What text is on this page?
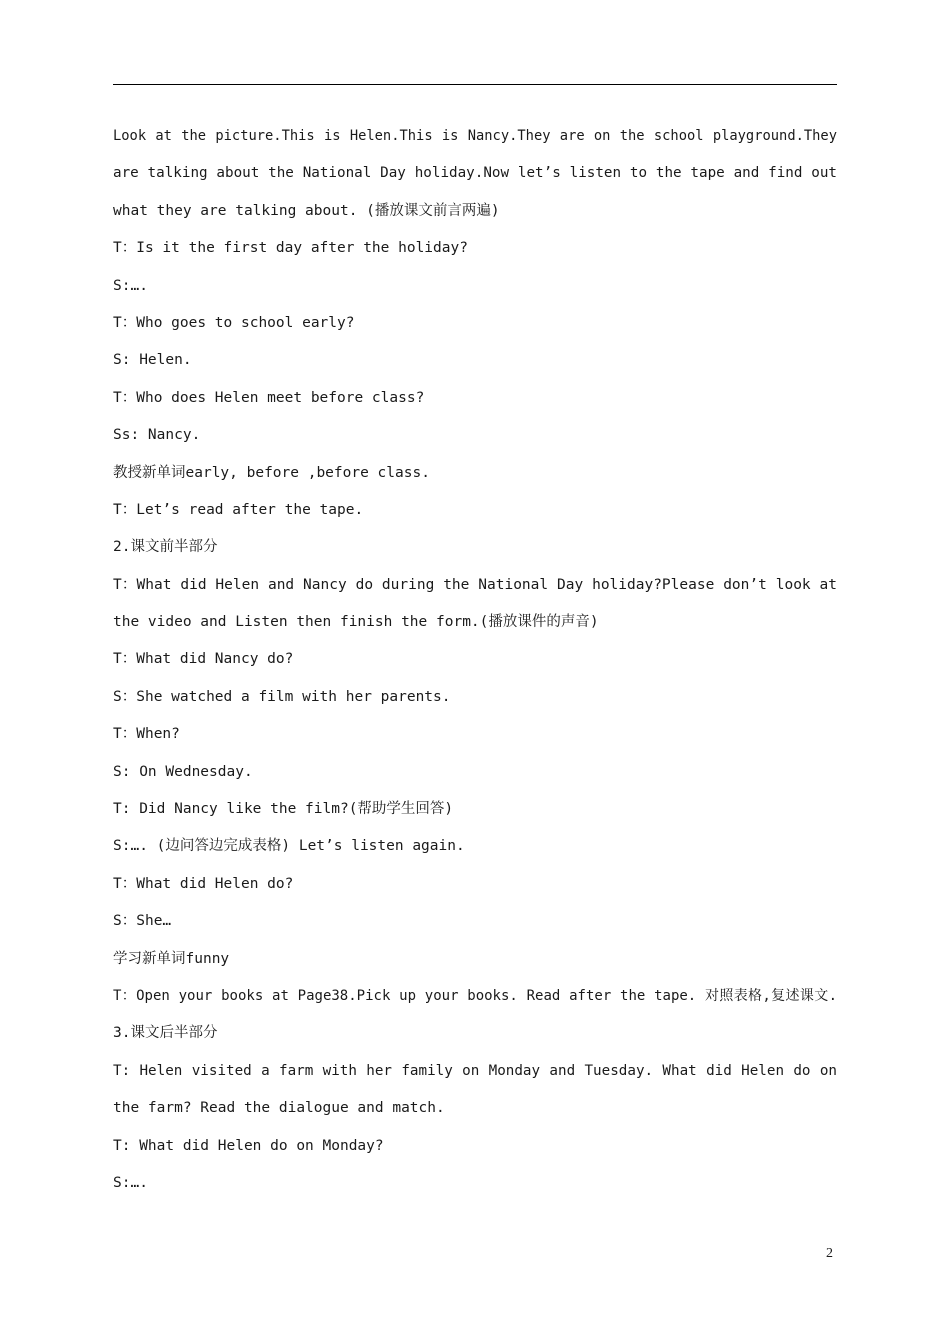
Look at the picture.This is Helen.This is Nancy.They are on the school playground.They
are talking about the National Day holiday.Now let’s listen to the tape and find out
what they are talking about. (播放课文前言两遍)
T：Is it the first day after the holiday?
S:….
T：Who goes to school early?
S: Helen.
T：Who does Helen meet before class?
Ss: Nancy.
教授新单词early, before ,before class.
T：Let’s read after the tape.
2.课文前半部分
T：What did Helen and Nancy do during the National Day holiday?Please don’t look at
the video and Listen then finish the form.(播放课件的声音)
T：What did Nancy do?
S：She watched a film with her parents.
T：When?
S: On Wednesday.
T: Did Nancy like the film?(帮助学生回答)
S:…. (边问答边完成表格) Let’s listen again.
T：What did Helen do?
S：She…
学习新单词funny
T：Open your books at Page38.Pick up your books. Read after the tape. 对照表格,复述课文.
3.课文后半部分
T: Helen visited a farm with her family on Monday and Tuesday. What did Helen do on
the farm? Read the dialogue and match.
T: What did Helen do on Monday?
S:….
2
